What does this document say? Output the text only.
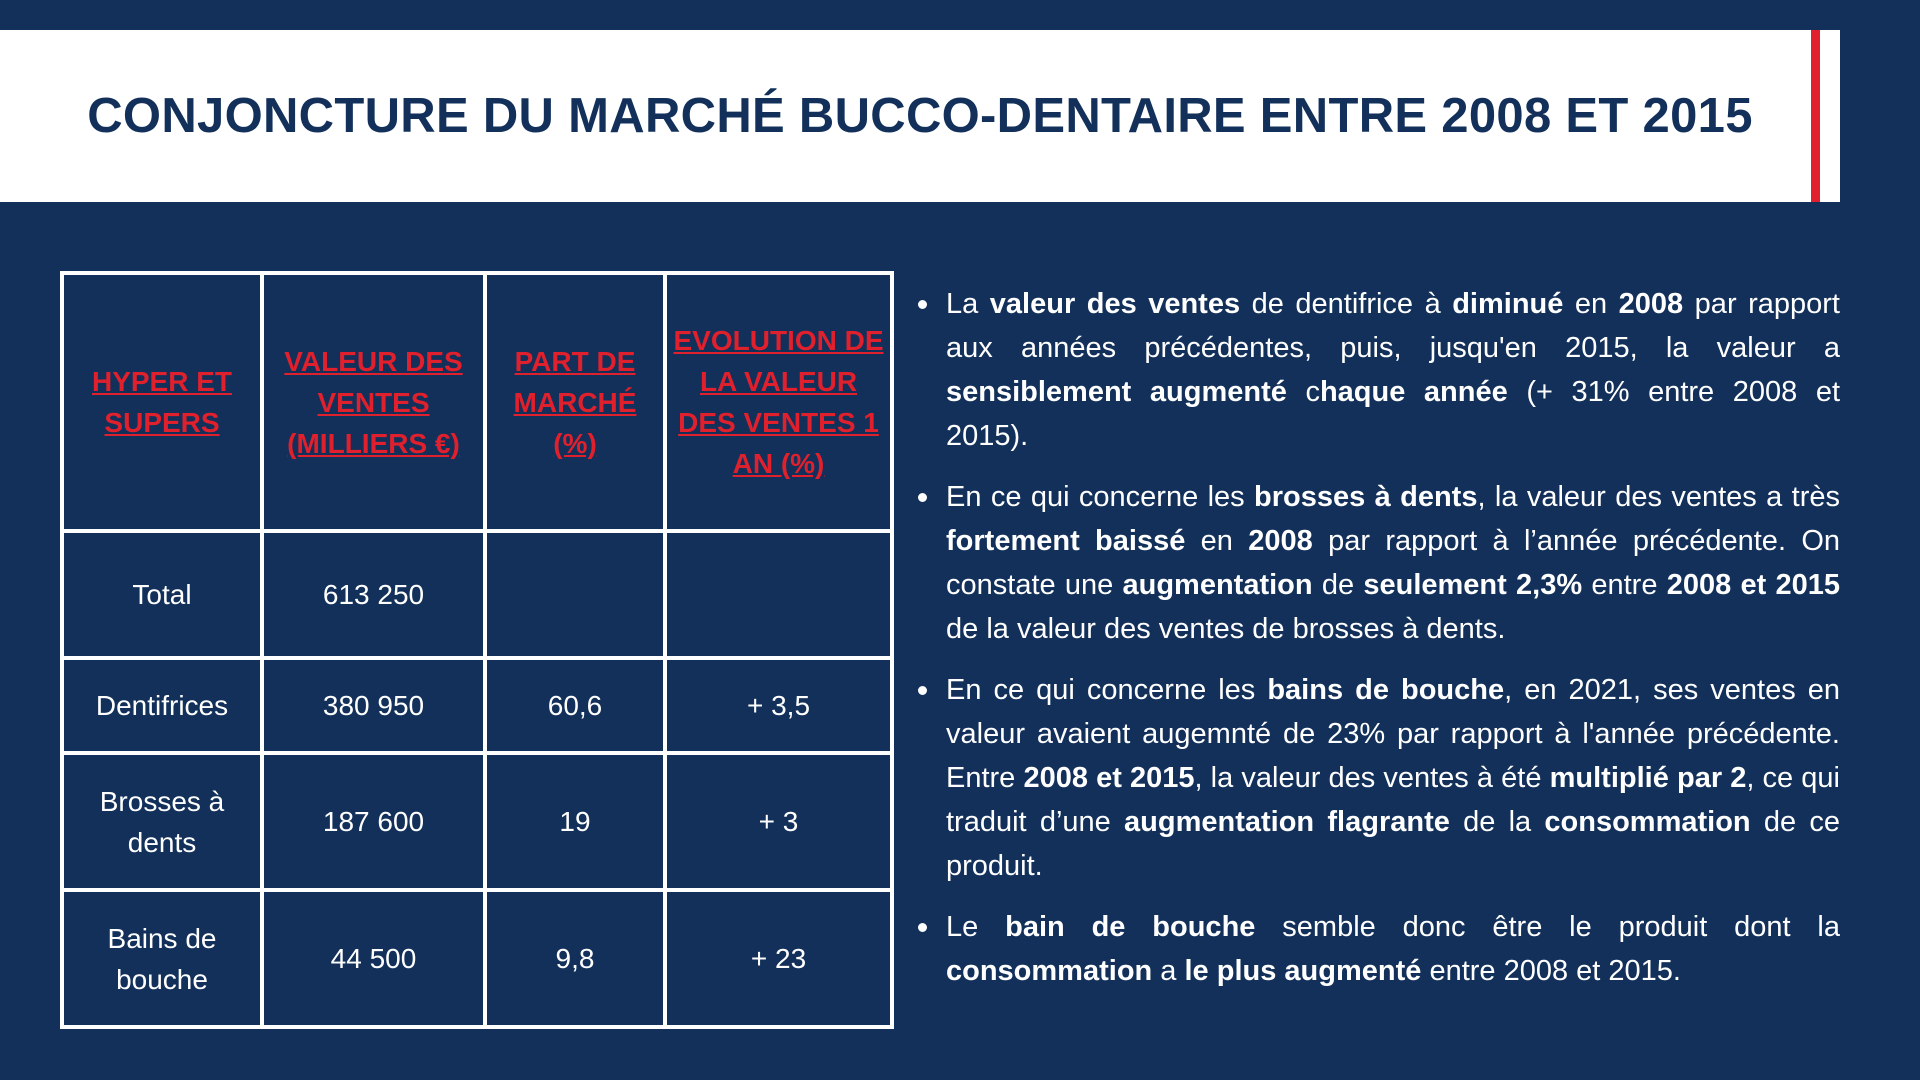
CONJONCTURE DU MARCHÉ BUCCO-DENTAIRE ENTRE 2008 ET 2015
HYPER ET SUPERS	VALEUR DES VENTES (MILLIERS €)	PART DE MARCHÉ (%)	EVOLUTION DE LA VALEUR DES VENTES 1 AN (%)
Total	613 250		
Dentifrices	380 950	60,6	+ 3,5
Brosses à dents	187 600	19	+ 3
Bains de bouche	44 500	9,8	+ 23
La valeur des ventes de dentifrice à diminué en 2008 par rapport aux années précédentes, puis, jusqu'en 2015, la valeur a sensiblement augmenté chaque année (+ 31% entre 2008 et 2015).
En ce qui concerne les brosses à dents, la valeur des ventes a très fortement baissé en 2008 par rapport à l’année précédente. On constate une augmentation de seulement 2,3% entre 2008 et 2015 de la valeur des ventes de brosses à dents.
En ce qui concerne les bains de bouche, en 2021, ses ventes en valeur avaient augemnté de 23% par rapport à l'année précédente. Entre 2008 et 2015, la valeur des ventes à été multiplié par 2, ce qui traduit d’une augmentation flagrante de la consommation de ce produit.
Le bain de bouche semble donc être le produit dont la consommation a le plus augmenté entre 2008 et 2015.
